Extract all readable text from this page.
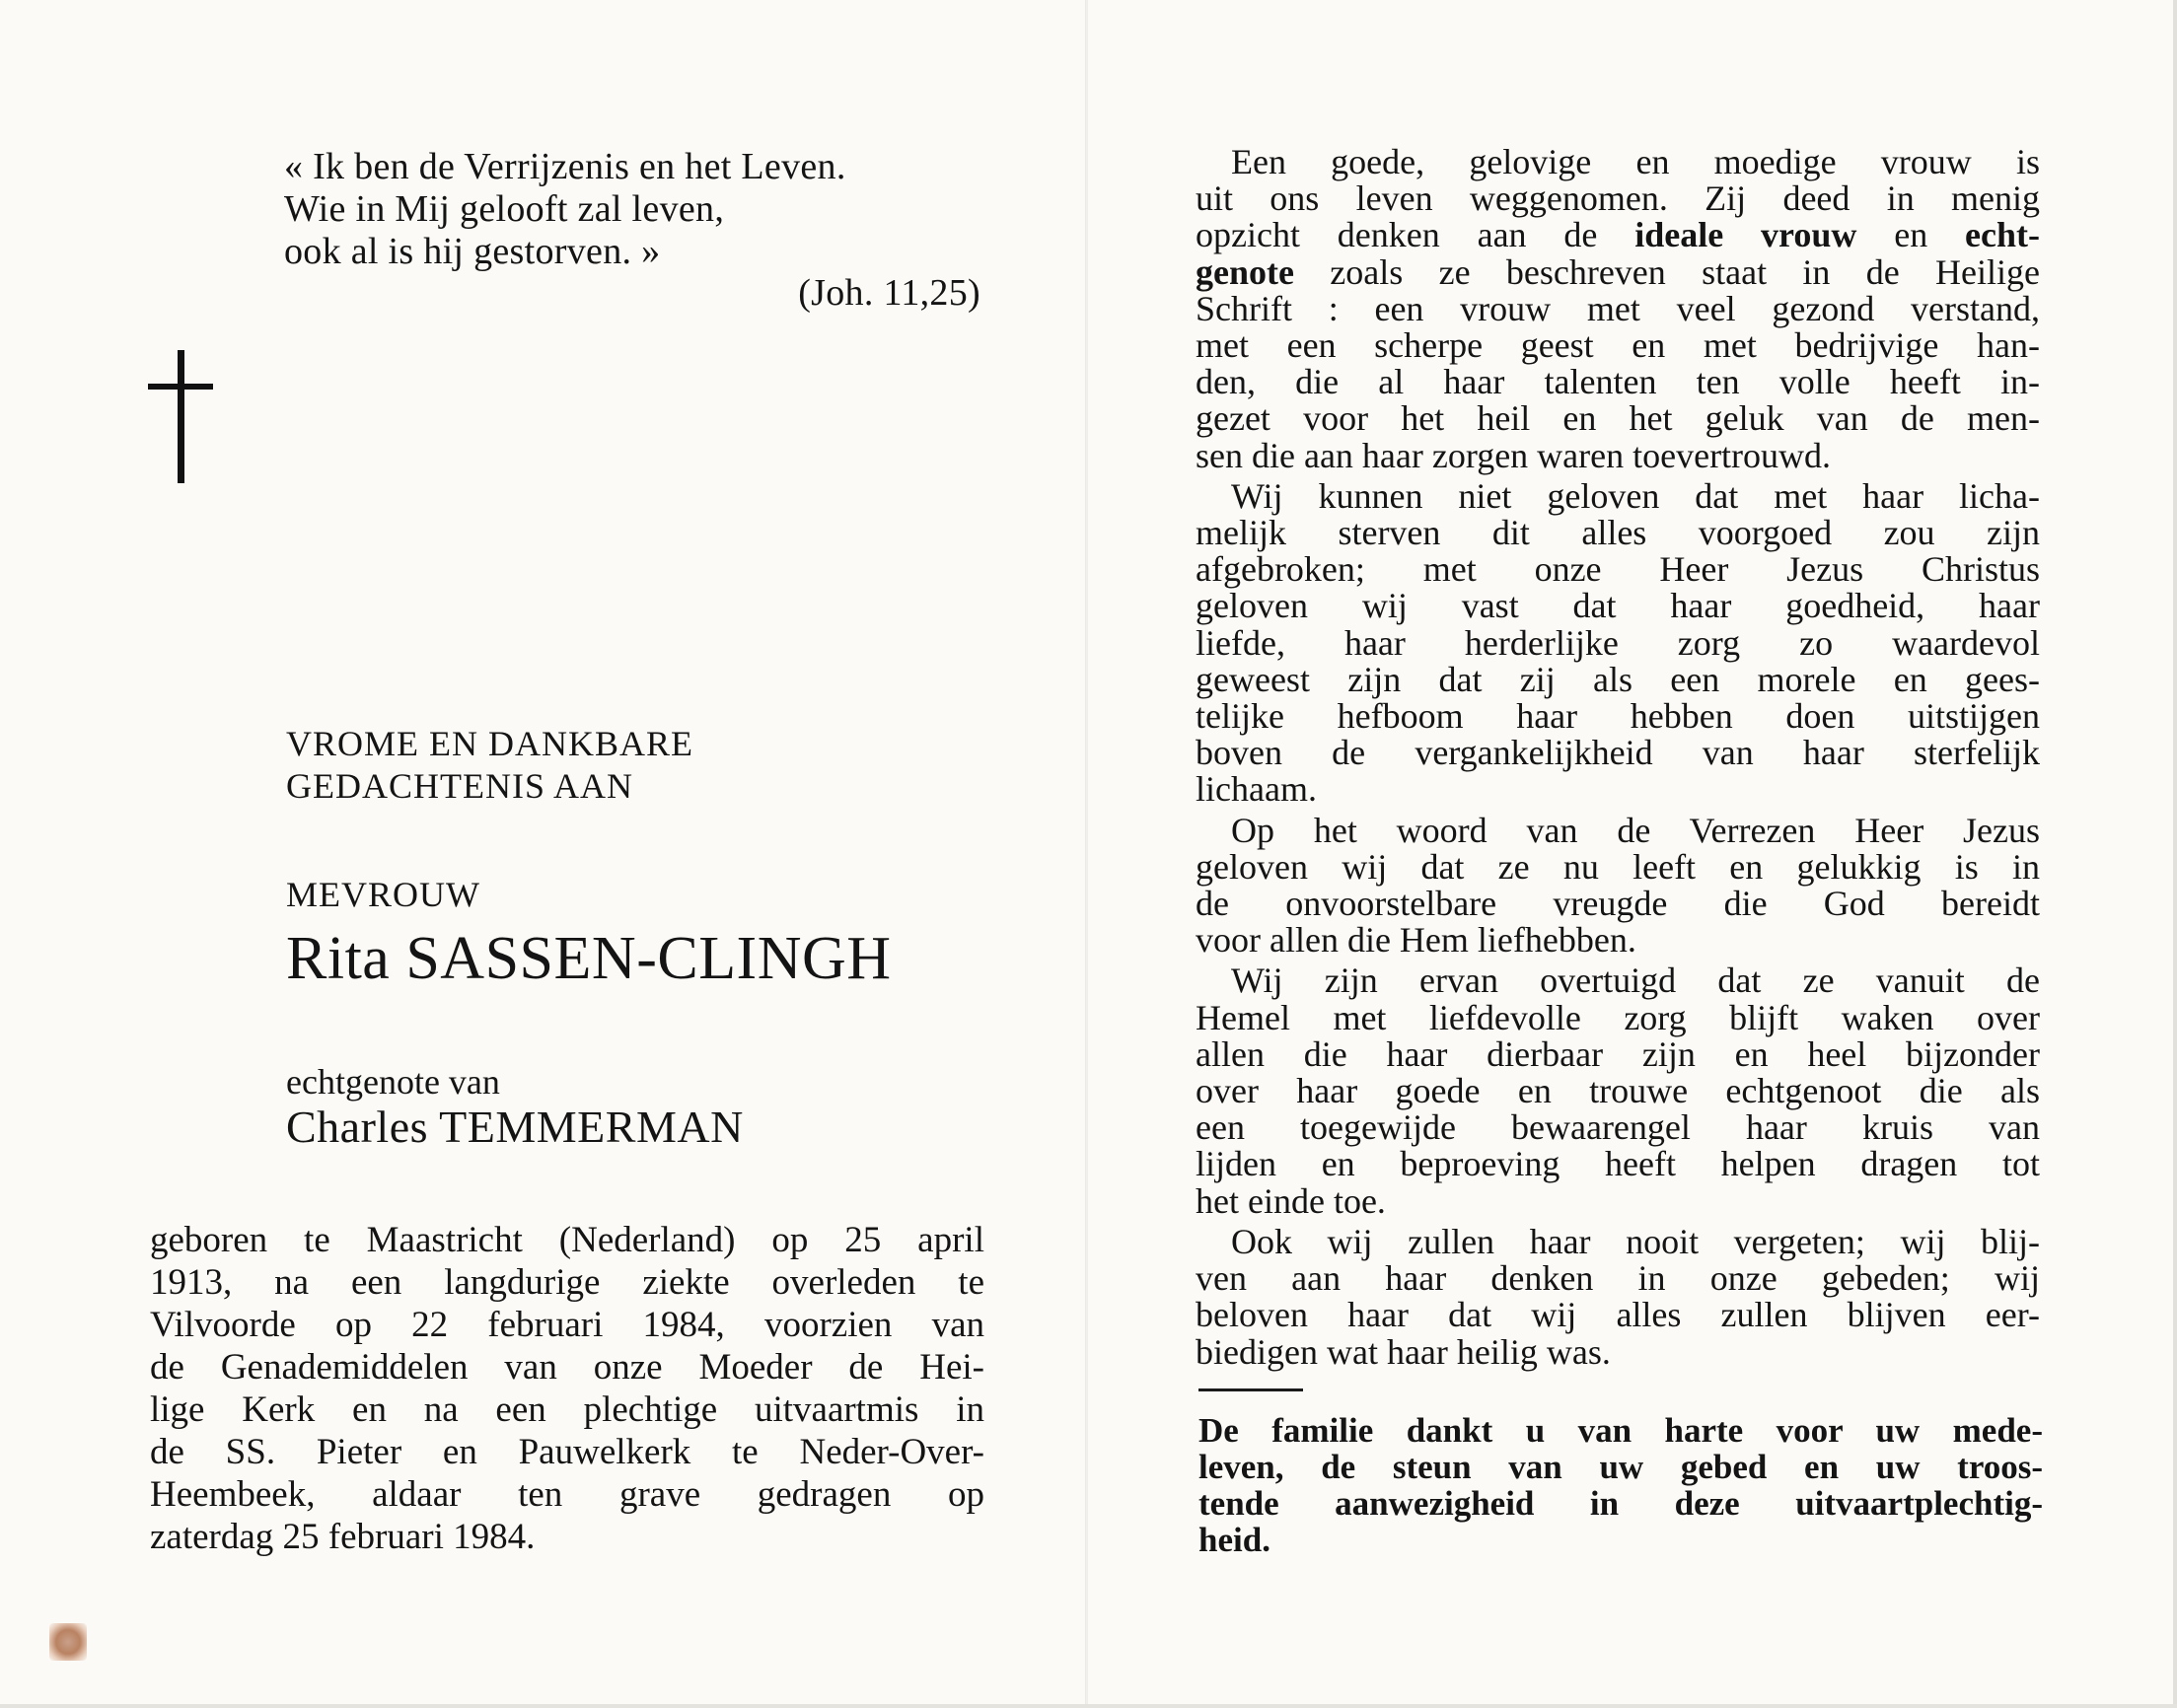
« Ik ben de Verrijzenis en het Leven.
Wie in Mij gelooft zal leven,
ook al is hij gestorven. »
(Joh. 11,25)
VROME EN DANKBARE
GEDACHTENIS AAN
MEVROUW
Rita SASSEN-CLINGH
echtgenote van
Charles TEMMERMAN
geboren te Maastricht (Nederland) op 25 april
1913, na een langdurige ziekte overleden te
Vilvoorde op 22 februari 1984, voorzien van
de Genademiddelen van onze Moeder de Hei-
lige Kerk en na een plechtige uitvaartmis in
de SS. Pieter en Pauwelkerk te Neder-Over-
Heembeek, aldaar ten grave gedragen op
zaterdag 25 februari 1984.
Een goede, gelovige en moedige vrouw is
uit ons leven weggenomen. Zij deed in menig
opzicht denken aan de ideale vrouw en echt-
genote zoals ze beschreven staat in de Heilige
Schrift : een vrouw met veel gezond verstand,
met een scherpe geest en met bedrijvige han-
den, die al haar talenten ten volle heeft in-
gezet voor het heil en het geluk van de men-
sen die aan haar zorgen waren toevertrouwd.
Wij kunnen niet geloven dat met haar licha-
melijk sterven dit alles voorgoed zou zijn
afgebroken; met onze Heer Jezus Christus
geloven wij vast dat haar goedheid, haar
liefde, haar herderlijke zorg zo waardevol
geweest zijn dat zij als een morele en gees-
telijke hefboom haar hebben doen uitstijgen
boven de vergankelijkheid van haar sterfelijk
lichaam.
Op het woord van de Verrezen Heer Jezus
geloven wij dat ze nu leeft en gelukkig is in
de onvoorstelbare vreugde die God bereidt
voor allen die Hem liefhebben.
Wij zijn ervan overtuigd dat ze vanuit de
Hemel met liefdevolle zorg blijft waken over
allen die haar dierbaar zijn en heel bijzonder
over haar goede en trouwe echtgenoot die als
een toegewijde bewaarengel haar kruis van
lijden en beproeving heeft helpen dragen tot
het einde toe.
Ook wij zullen haar nooit vergeten; wij blij-
ven aan haar denken in onze gebeden; wij
beloven haar dat wij alles zullen blijven eer-
biedigen wat haar heilig was.
De familie dankt u van harte voor uw mede-
leven, de steun van uw gebed en uw troos-
tende aanwezigheid in deze uitvaartplechtig-
heid.
